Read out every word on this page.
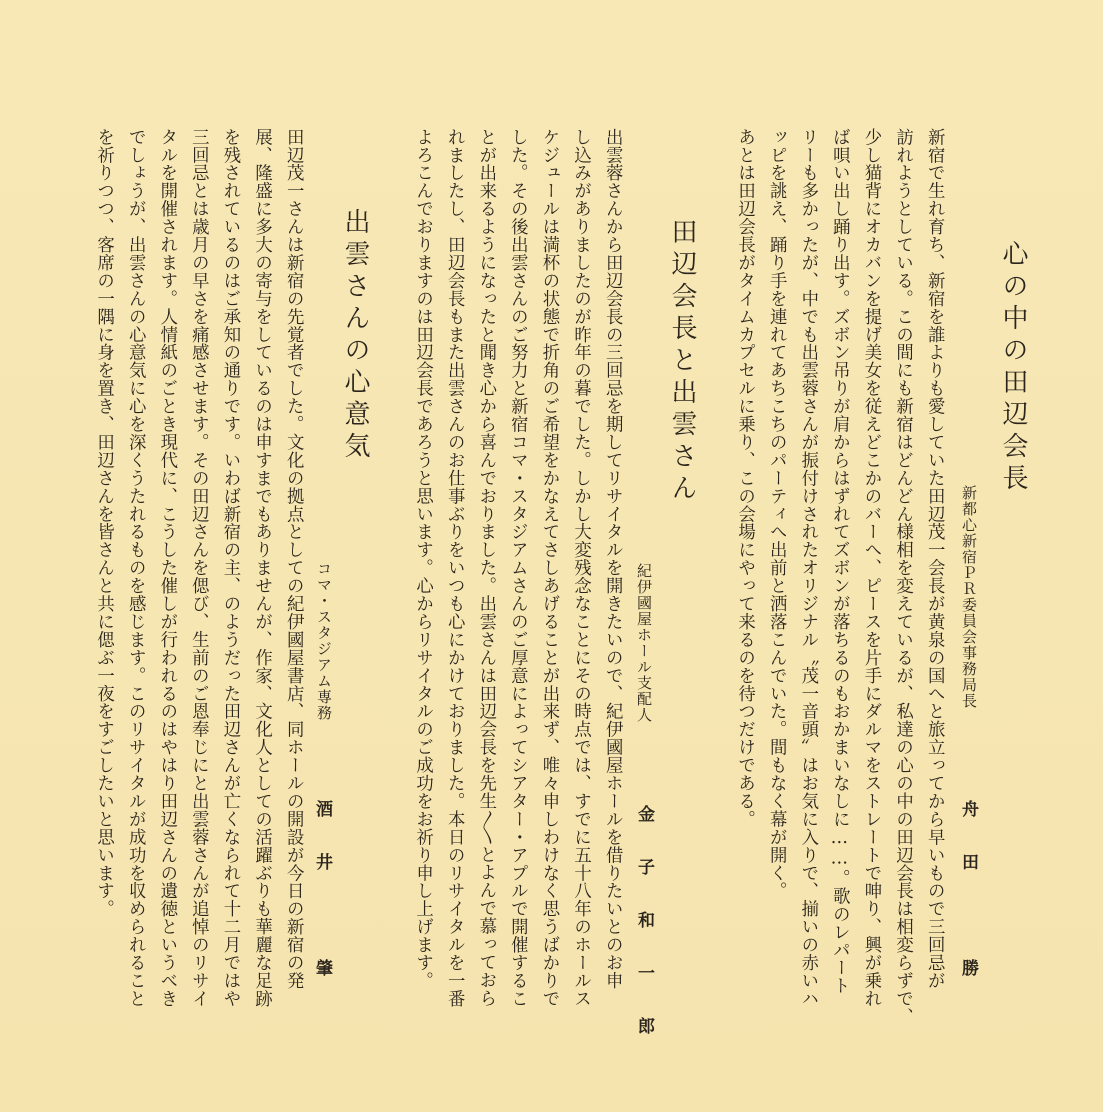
心の中の田辺会長
新都心新宿ＰＲ委員会事務局長
舟田　勝
新宿で生れ育ち、新宿を誰よりも愛していた田辺茂一会長が黄泉の国へと旅立ってから早いもので三回忌が
訪れようとしている。この間にも新宿はどんどん様相を変えているが、私達の心の中の田辺会長は相変らずで、
少し猫背にオカバンを提げ美女を従えどこかのバーへ、ピースを片手にダルマをストレートで呻り、興が乗れ
ば唄い出し踊り出す。ズボン吊りが肩からはずれてズボンが落ちるのもおかまいなしに……。歌のレパート
リーも多かったが、中でも出雲蓉さんが振付けされたオリジナル〝茂一音頭〟はお気に入りで、揃いの赤いハ
ッピを誂え、踊り手を連れてあちこちのパーティへ出前と洒落こんでいた。間もなく幕が開く。
あとは田辺会長がタイムカプセルに乗り、この会場にやって来るのを待つだけである。
田辺会長と出雲さん
紀伊國屋ホール支配人
金子和一郎
出雲蓉さんから田辺会長の三回忌を期してリサイタルを開きたいので、紀伊國屋ホールを借りたいとのお申
し込みがありましたのが昨年の暮でした。しかし大変残念なことにその時点では、すでに五十八年のホールス
ケジュールは満杯の状態で折角のご希望をかなえてさしあげることが出来ず、唯々申しわけなく思うばかりで
した。その後出雲さんのご努力と新宿コマ・スタジアムさんのご厚意によってシアター・アプルで開催するこ
とが出来るようになったと聞き心から喜んでおりました。出雲さんは田辺会長を先生〱とよんで慕っておら
れましたし、田辺会長もまた出雲さんのお仕事ぶりをいつも心にかけておりました。本日のリサイタルを一番
よろこんでおりますのは田辺会長であろうと思います。心からリサイタルのご成功をお祈り申し上げます。
出雲さんの心意気
コマ・スタジアム専務
酒井　肇
田辺茂一さんは新宿の先覚者でした。文化の拠点としての紀伊國屋書店、同ホールの開設が今日の新宿の発
展、隆盛に多大の寄与をしているのは申すまでもありませんが、作家、文化人としての活躍ぶりも華麗な足跡
を残されているのはご承知の通りです。いわば新宿の主、のようだった田辺さんが亡くなられて十二月ではや
三回忌とは歳月の早さを痛感させます。その田辺さんを偲び、生前のご恩奉じにと出雲蓉さんが追悼のリサイ
タルを開催されます。人情紙のごとき現代に、こうした催しが行われるのはやはり田辺さんの遺徳というべき
でしょうが、出雲さんの心意気に心を深くうたれるものを感じます。このリサイタルが成功を収められること
を祈りつつ、客席の一隅に身を置き、田辺さんを皆さんと共に偲ぶ一夜をすごしたいと思います。
